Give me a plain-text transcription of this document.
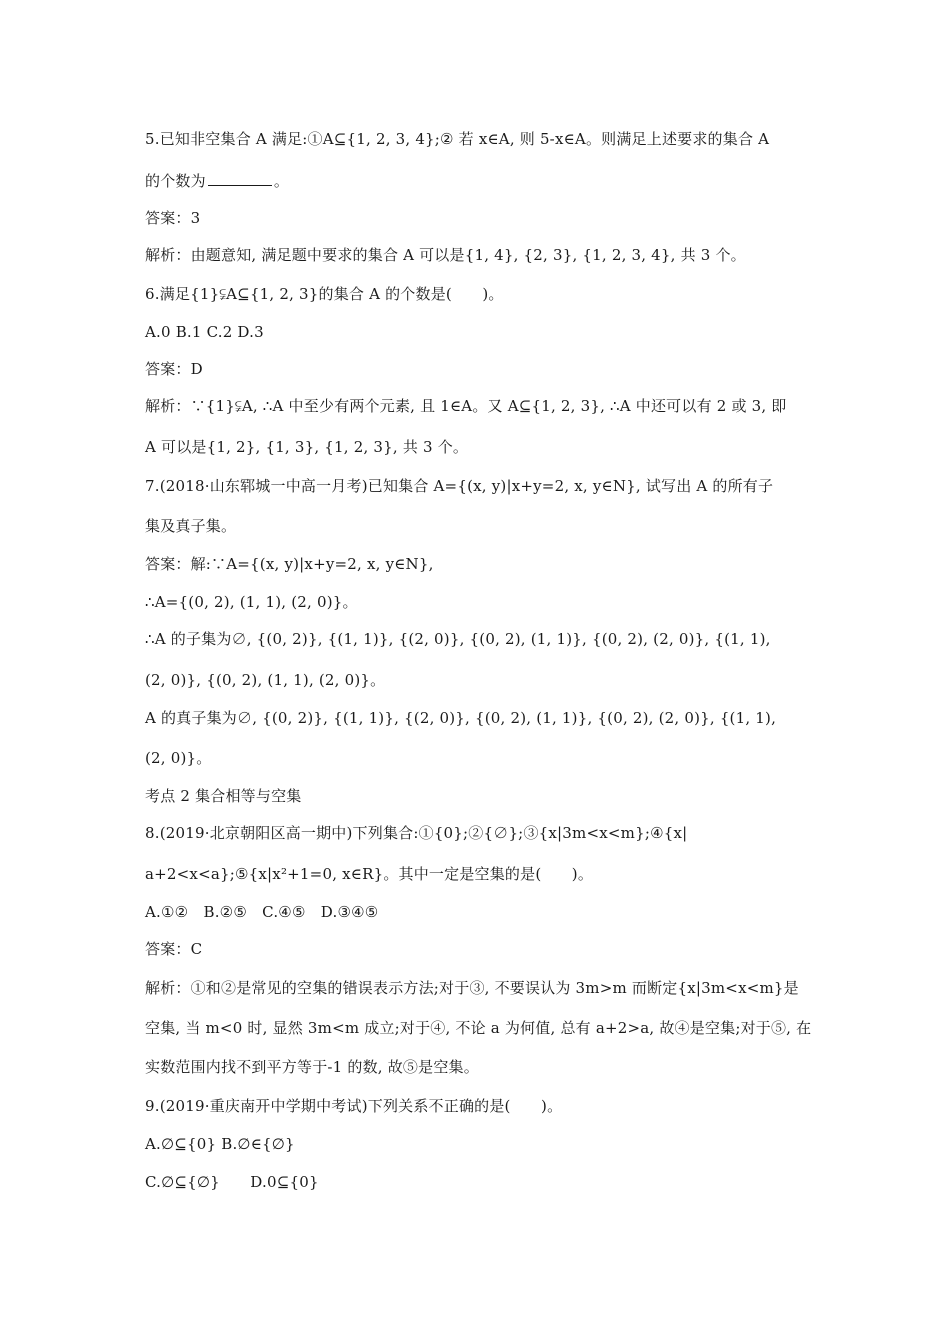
5.已知非空集合 A 满足:①A⊆{1, 2, 3, 4};② 若 x∈A, 则 5-x∈A。则满足上述要求的集合 A
的个数为	。
答案：3
解析：由题意知, 满足题中要求的集合 A 可以是{1, 4}, {2, 3}, {1, 2, 3, 4}, 共 3 个。
6.满足{1}⫋A⊆{1, 2, 3}的集合 A 的个数是(　　)。
A.0 B.1 C.2 D.3
答案：D
解析：∵{1}⫋A, ∴A 中至少有两个元素, 且 1∈A。又 A⊆{1, 2, 3}, ∴A 中还可以有 2 或 3, 即
A 可以是{1, 2}, {1, 3}, {1, 2, 3}, 共 3 个。
7.(2018·山东郓城一中高一月考)已知集合 A={(x, y)|x+y=2, x, y∈N}, 试写出 A 的所有子
集及真子集。
答案：解:∵A={(x, y)|x+y=2, x, y∈N},
∴A={(0, 2), (1, 1), (2, 0)}。
∴A 的子集为∅, {(0, 2)}, {(1, 1)}, {(2, 0)}, {(0, 2), (1, 1)}, {(0, 2), (2, 0)}, {(1, 1),
(2, 0)}, {(0, 2), (1, 1), (2, 0)}。
A 的真子集为∅, {(0, 2)}, {(1, 1)}, {(2, 0)}, {(0, 2), (1, 1)}, {(0, 2), (2, 0)}, {(1, 1),
(2, 0)}。
考点 2 集合相等与空集
8.(2019·北京朝阳区高一期中)下列集合:①{0};②{∅};③{x|3m<x<m};④{x|
a+2<x<a};⑤{x|x²+1=0, x∈R}。其中一定是空集的是(　　)。
A.①②　B.②⑤　C.④⑤　D.③④⑤
答案：C
解析：①和②是常见的空集的错误表示方法;对于③, 不要误认为 3m>m 而断定{x|3m<x<m}是
空集, 当 m<0 时, 显然 3m<m 成立;对于④, 不论 a 为何值, 总有 a+2>a, 故④是空集;对于⑤, 在
实数范围内找不到平方等于-1 的数, 故⑤是空集。
9.(2019·重庆南开中学期中考试)下列关系不正确的是(　　)。
A.∅⊆{0} B.∅∈{∅}
C.∅⊆{∅}　　D.0⊆{0}
